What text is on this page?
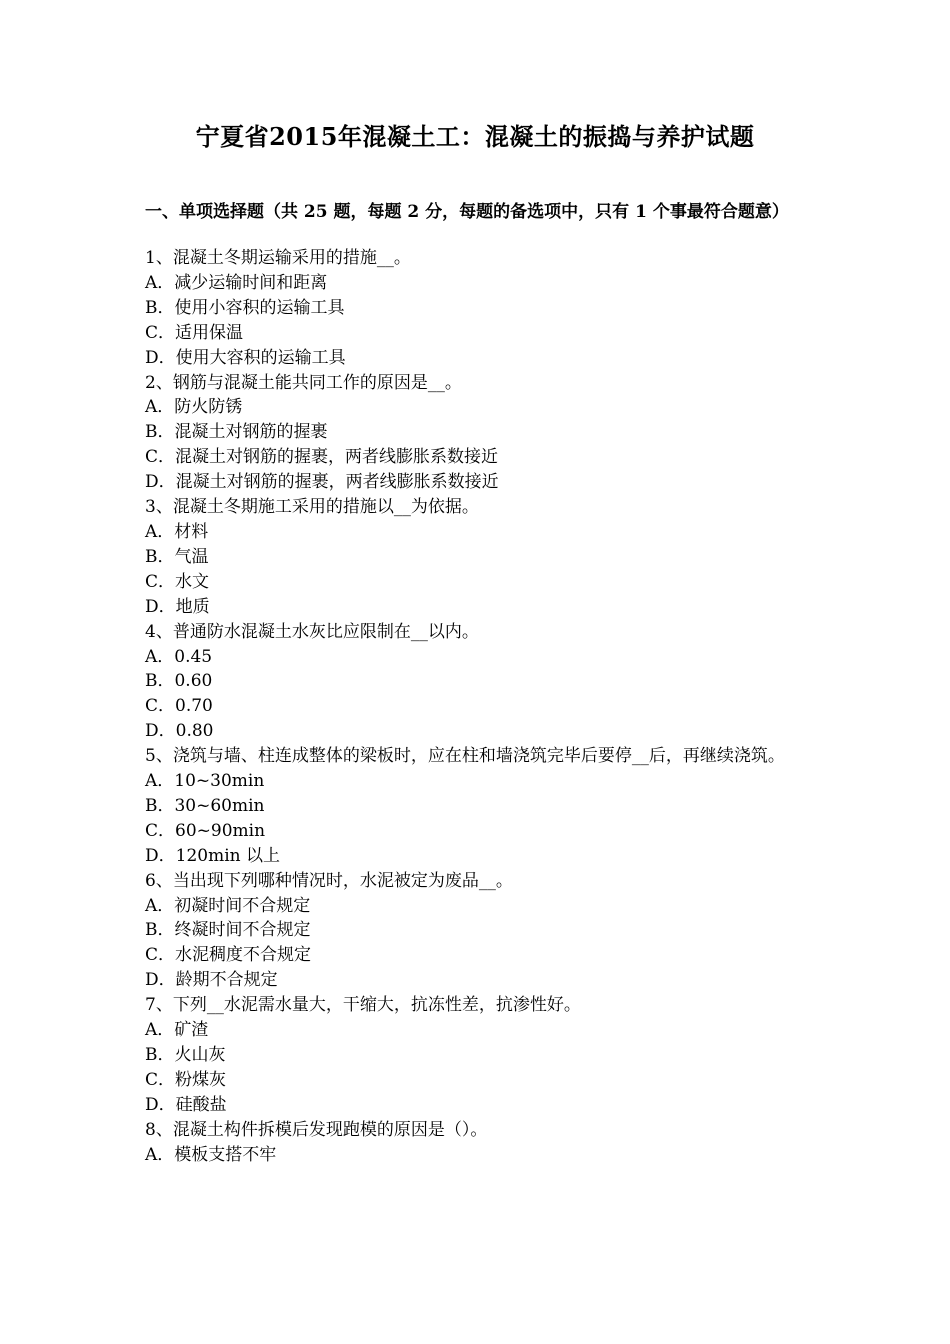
宁夏省2015年混凝土工：混凝土的振捣与养护试题
一、单项选择题（共 25 题，每题 2 分，每题的备选项中，只有 1 个事最符合题意）

1、混凝土冬期运输采用的措施__。

A．减少运输时间和距离

B．使用小容积的运输工具

C．适用保温

D．使用大容积的运输工具

2、钢筋与混凝土能共同工作的原因是__。

A．防火防锈

B．混凝土对钢筋的握裹

C．混凝土对钢筋的握裹，两者线膨胀系数接近

D．混凝土对钢筋的握裹，两者线膨胀系数接近

3、混凝土冬期施工采用的措施以__为依据。

A．材料

B．气温

C．水文

D．地质

4、普通防水混凝土水灰比应限制在__以内。

A．0.45

B．0.60

C．0.70

D．0.80

5、浇筑与墙、柱连成整体的梁板时，应在柱和墙浇筑完毕后要停__后，再继续浇筑。

A．10~30min

B．30~60min

C．60~90min

D．120min 以上

6、当出现下列哪种情况时，水泥被定为废品__。

A．初凝时间不合规定

B．终凝时间不合规定

C．水泥稠度不合规定

D．龄期不合规定

7、下列__水泥需水量大，干缩大，抗冻性差，抗渗性好。

A．矿渣

B．火山灰

C．粉煤灰

D．硅酸盐

8、混凝土构件拆模后发现跑模的原因是（）。

A．模板支搭不牢
